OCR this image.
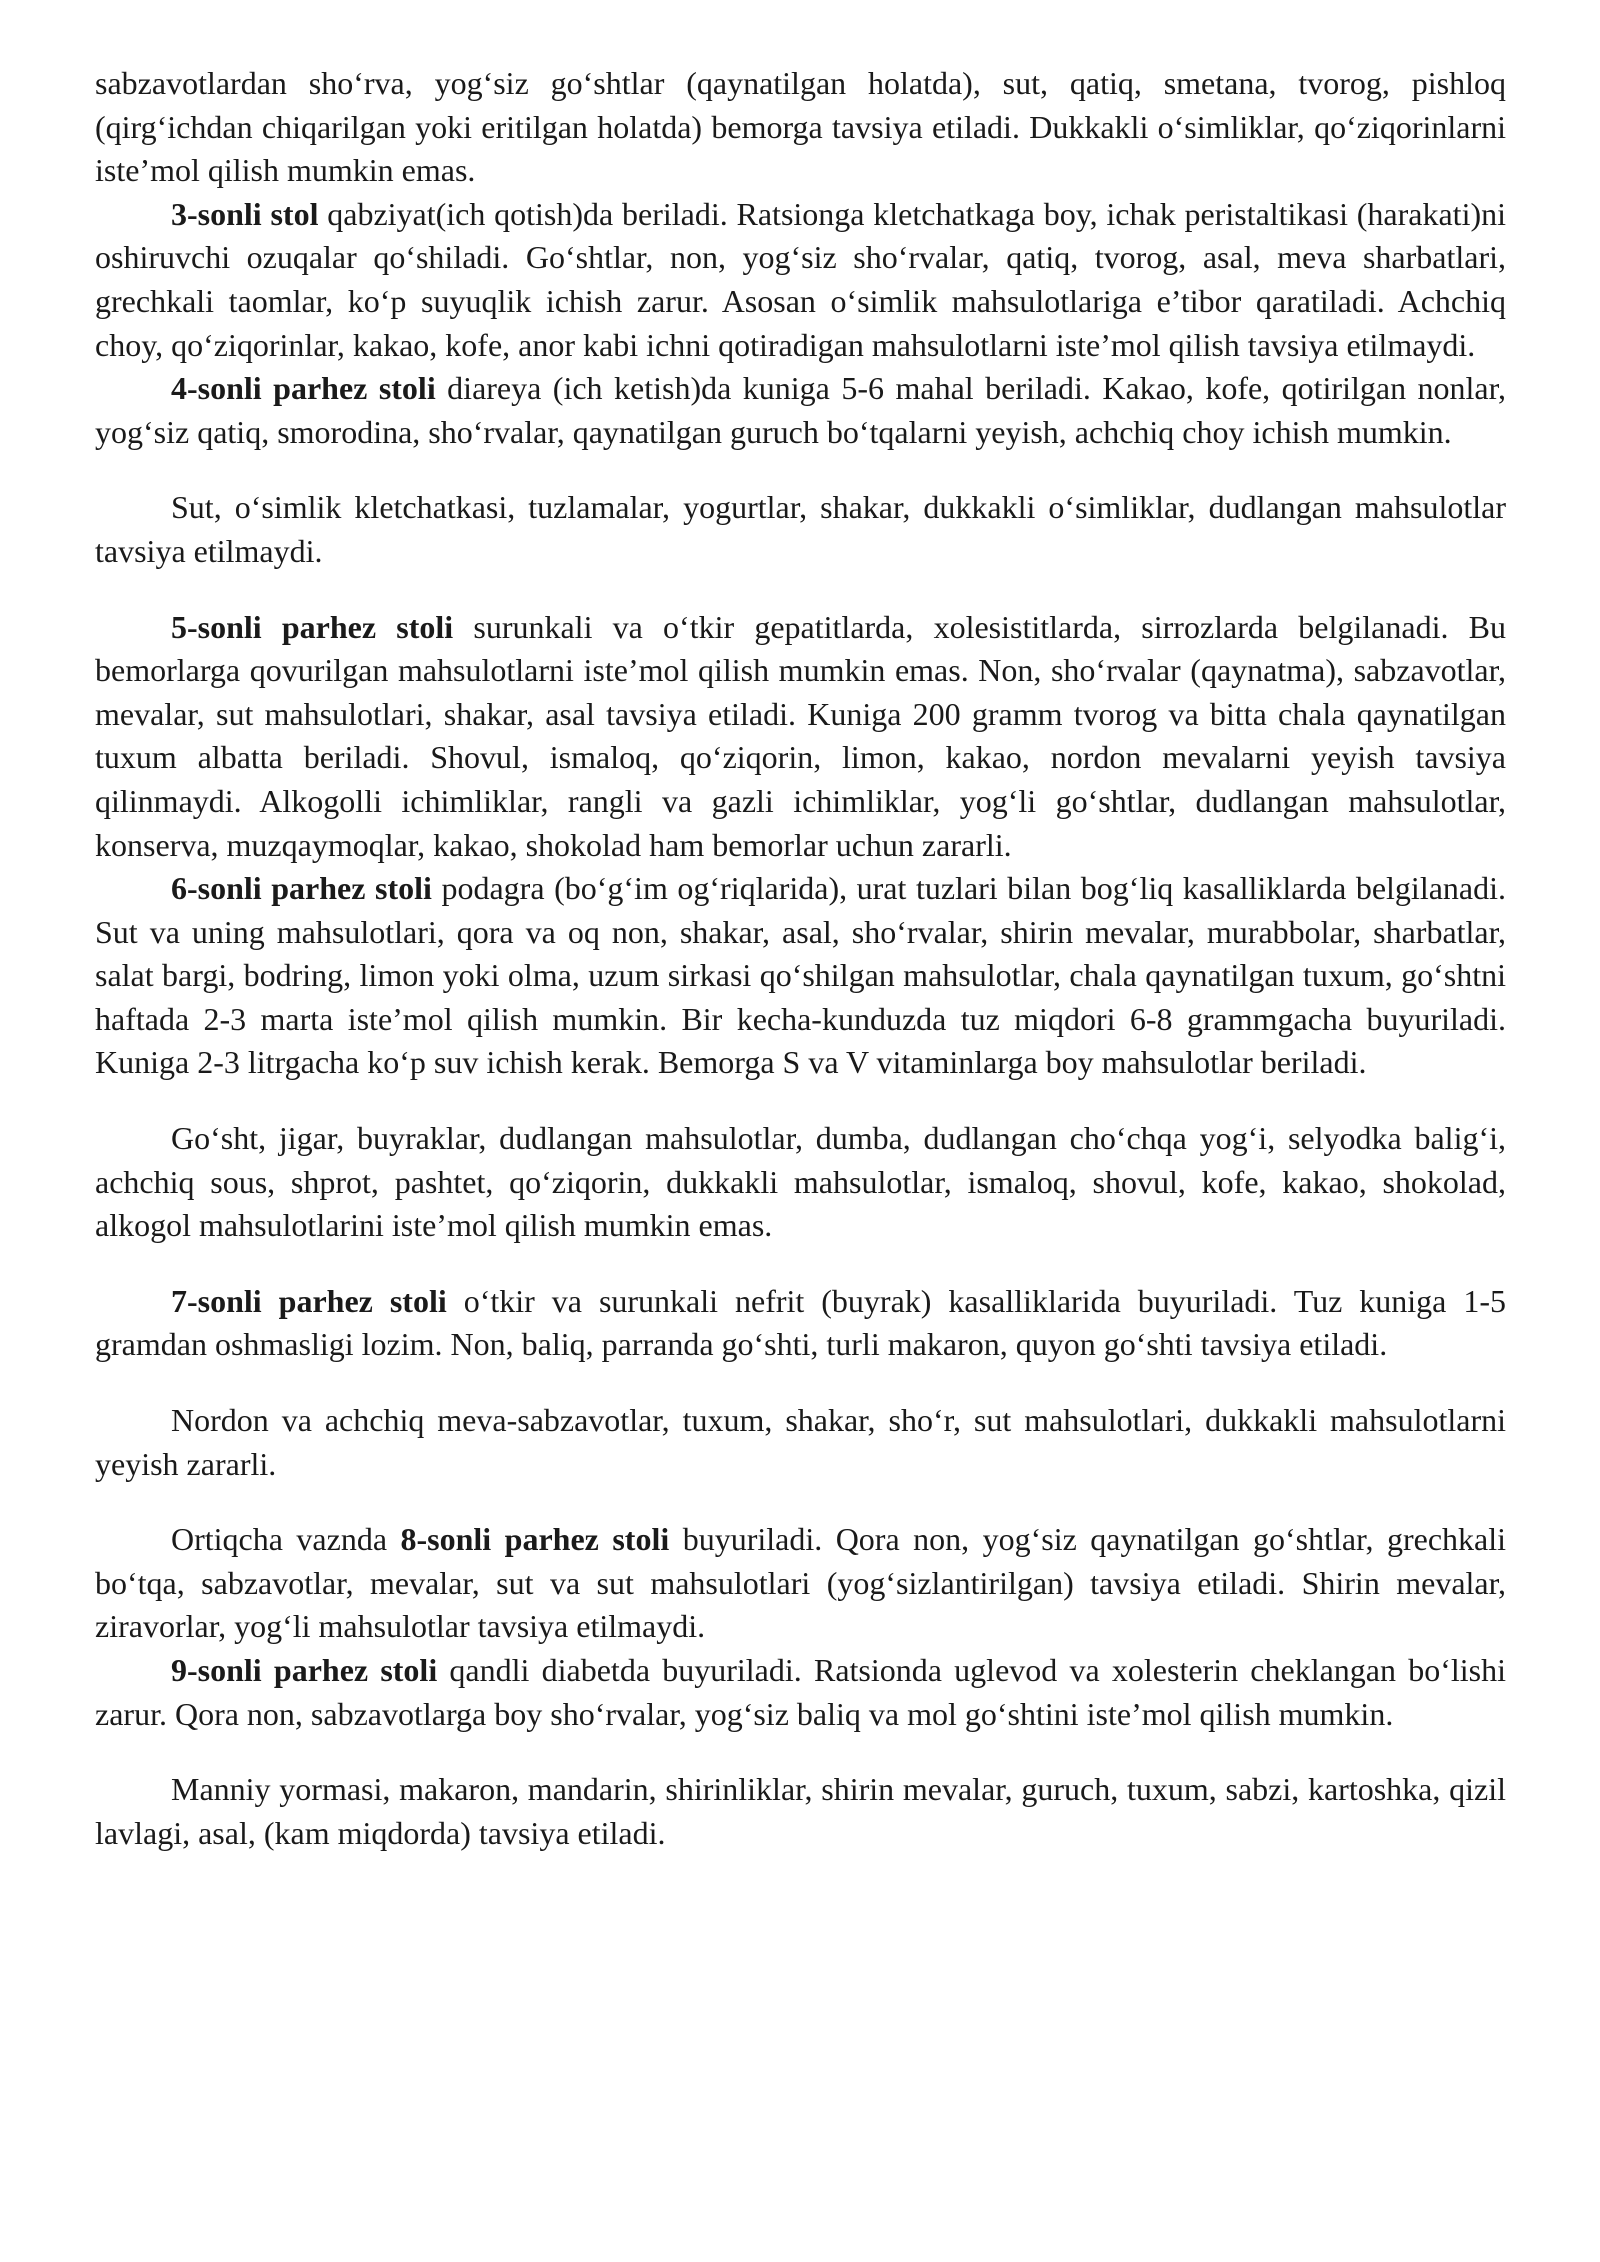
sabzavotlardan sho‘rva, yog‘siz go‘shtlar (qaynatilgan holatda), sut, qatiq, smetana, tvorog, pishloq (qirg‘ichdan chiqarilgan yoki eritilgan holatda) bemorga tavsiya etiladi. Dukkakli o‘simliklar, qo‘ziqorinlarni iste’mol qilish mumkin emas.

3-sonli stol qabziyat(ich qotish)da beriladi. Ratsionga kletchatkaga boy, ichak peristaltikasi (harakati)ni oshiruvchi ozuqalar qo‘shiladi. Go‘shtlar, non, yog‘siz sho‘rvalar, qatiq, tvorog, asal, meva sharbatlari, grechkali taomlar, ko‘p suyuqlik ichish zarur. Asosan o‘simlik mahsulotlariga e’tibor qaratiladi. Achchiq choy, qo‘ziqorinlar, kakao, kofe, anor kabi ichni qotiradigan mahsulotlarni iste’mol qilish tavsiya etilmaydi.

4-sonli parhez stoli diareya (ich ketish)da kuniga 5-6 mahal beriladi. Kakao, kofe, qotirilgan nonlar, yog‘siz qatiq, smorodina, sho‘rvalar, qaynatilgan guruch bo‘tqalarni yeyish, achchiq choy ichish mumkin.

Sut, o‘simlik kletchatkasi, tuzlamalar, yogurtlar, shakar, dukkakli o‘simliklar, dudlangan mahsulotlar tavsiya etilmaydi.

5-sonli parhez stoli surunkali va o‘tkir gepatitlarda, xolesistitlarda, sirrozlarda belgilanadi. Bu bemorlarga qovurilgan mahsulotlarni iste’mol qilish mumkin emas. Non, sho‘rvalar (qaynatma), sabzavotlar, mevalar, sut mahsulotlari, shakar, asal tavsiya etiladi. Kuniga 200 gramm tvorog va bitta chala qaynatilgan tuxum albatta beriladi. Shovul, ismaloq, qo‘ziqorin, limon, kakao, nordon mevalarni yeyish tavsiya qilinmaydi. Alkogolli ichimliklar, rangli va gazli ichimliklar, yog‘li go‘shtlar, dudlangan mahsulotlar, konserva, muzqaymoqlar, kakao, shokolad ham bemorlar uchun zararli.

6-sonli parhez stoli podagra (bo‘g‘im og‘riqlarida), urat tuzlari bilan bog‘liq kasalliklarda belgilanadi. Sut va uning mahsulotlari, qora va oq non, shakar, asal, sho‘rvalar, shirin mevalar, murabbolar, sharbatlar, salat bargi, bodring, limon yoki olma, uzum sirkasi qo‘shilgan mahsulotlar, chala qaynatilgan tuxum, go‘shtni haftada 2-3 marta iste’mol qilish mumkin. Bir kecha-kunduzda tuz miqdori 6-8 grammgacha buyuriladi. Kuniga 2-3 litrgacha ko‘p suv ichish kerak. Bemorga S va V vitaminlarga boy mahsulotlar beriladi.

Go‘sht, jigar, buyraklar, dudlangan mahsulotlar, dumba, dudlangan cho‘chqa yog‘i, selyodka balig‘i, achchiq sous, shprot, pashtet, qo‘ziqorin, dukkakli mahsulotlar, ismaloq, shovul, kofe, kakao, shokolad, alkogol mahsulotlarini iste’mol qilish mumkin emas.

7-sonli parhez stoli o‘tkir va surunkali nefrit (buyrak) kasalliklarida buyuriladi. Tuz kuniga 1-5 gramdan oshmasligi lozim. Non, baliq, parranda go‘shti, turli makaron, quyon go‘shti tavsiya etiladi.

Nordon va achchiq meva-sabzavotlar, tuxum, shakar, sho‘r, sut mahsulotlari, dukkakli mahsulotlarni yeyish zararli.

Ortiqcha vaznda 8-sonli parhez stoli buyuriladi. Qora non, yog‘siz qaynatilgan go‘shtlar, grechkali bo‘tqa, sabzavotlar, mevalar, sut va sut mahsulotlari (yog‘sizlantirilgan) tavsiya etiladi. Shirin mevalar, ziravorlar, yog‘li mahsulotlar tavsiya etilmaydi.

9-sonli parhez stoli qandli diabetda buyuriladi. Ratsionda uglevod va xolesterin cheklangan bo‘lishi zarur. Qora non, sabzavotlarga boy sho‘rvalar, yog‘siz baliq va mol go‘shtini iste’mol qilish mumkin.

Manniy yormasi, makaron, mandarin, shirinliklar, shirin mevalar, guruch, tuxum, sabzi, kartoshka, qizil lavlagi, asal, (kam miqdorda) tavsiya etiladi.
